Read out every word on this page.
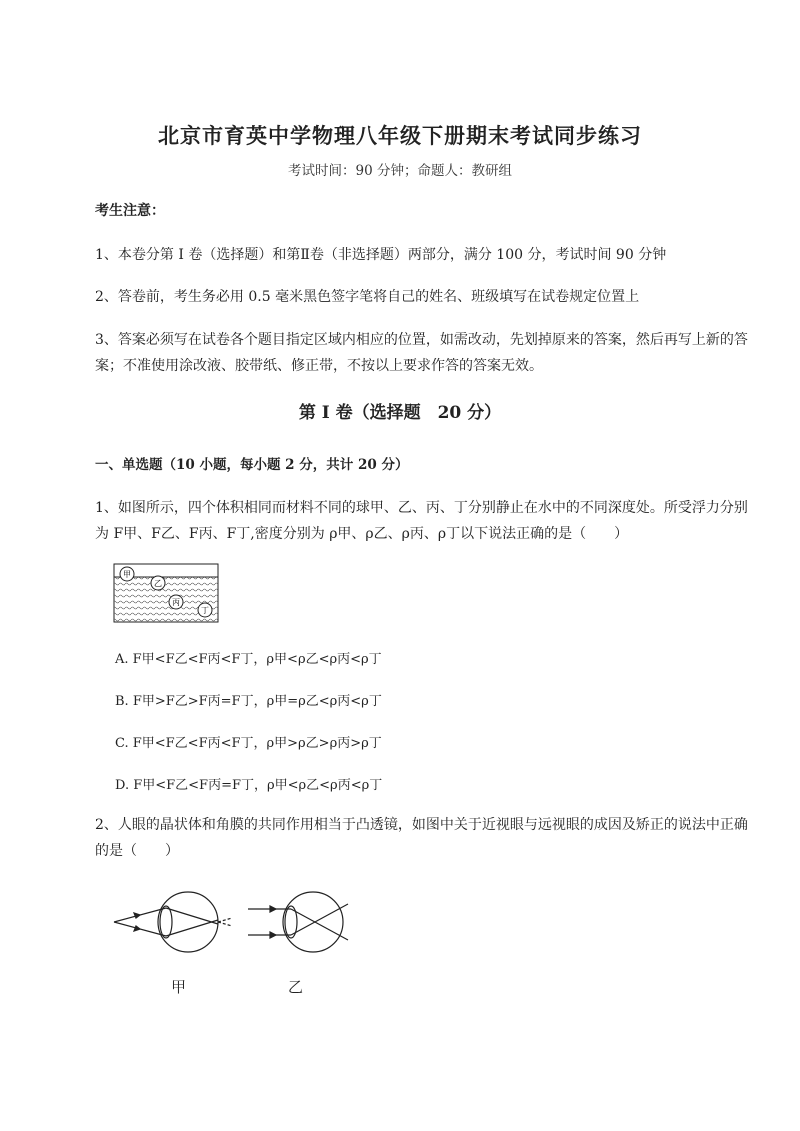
北京市育英中学物理八年级下册期末考试同步练习
考试时间：90 分钟；命题人：教研组
考生注意：
1、本卷分第 I 卷（选择题）和第Ⅱ卷（非选择题）两部分，满分 100 分，考试时间 90 分钟
2、答卷前，考生务必用 0.5 毫米黑色签字笔将自己的姓名、班级填写在试卷规定位置上
3、答案必须写在试卷各个题目指定区域内相应的位置，如需改动，先划掉原来的答案，然后再写上新的答案；不准使用涂改液、胶带纸、修正带，不按以上要求作答的答案无效。
第 I 卷（选择题　20 分）
一、单选题（10 小题，每小题 2 分，共计 20 分）
1、如图所示，四个体积相同而材料不同的球甲、乙、丙、丁分别静止在水中的不同深度处。所受浮力分别为 F甲、F乙、F丙、F丁,密度分别为 ρ甲、ρ乙、ρ丙、ρ丁以下说法正确的是（　　）
甲
乙
丙
丁
A. F甲<F乙<F丙<F丁，ρ甲<ρ乙<ρ丙<ρ丁
B. F甲>F乙>F丙=F丁，ρ甲=ρ乙<ρ丙<ρ丁
C. F甲<F乙<F丙<F丁，ρ甲>ρ乙>ρ丙>ρ丁
D. F甲<F乙<F丙=F丁，ρ甲<ρ乙<ρ丙<ρ丁
2、人眼的晶状体和角膜的共同作用相当于凸透镜，如图中关于近视眼与远视眼的成因及矫正的说法中正确的是（　　）
甲	乙
